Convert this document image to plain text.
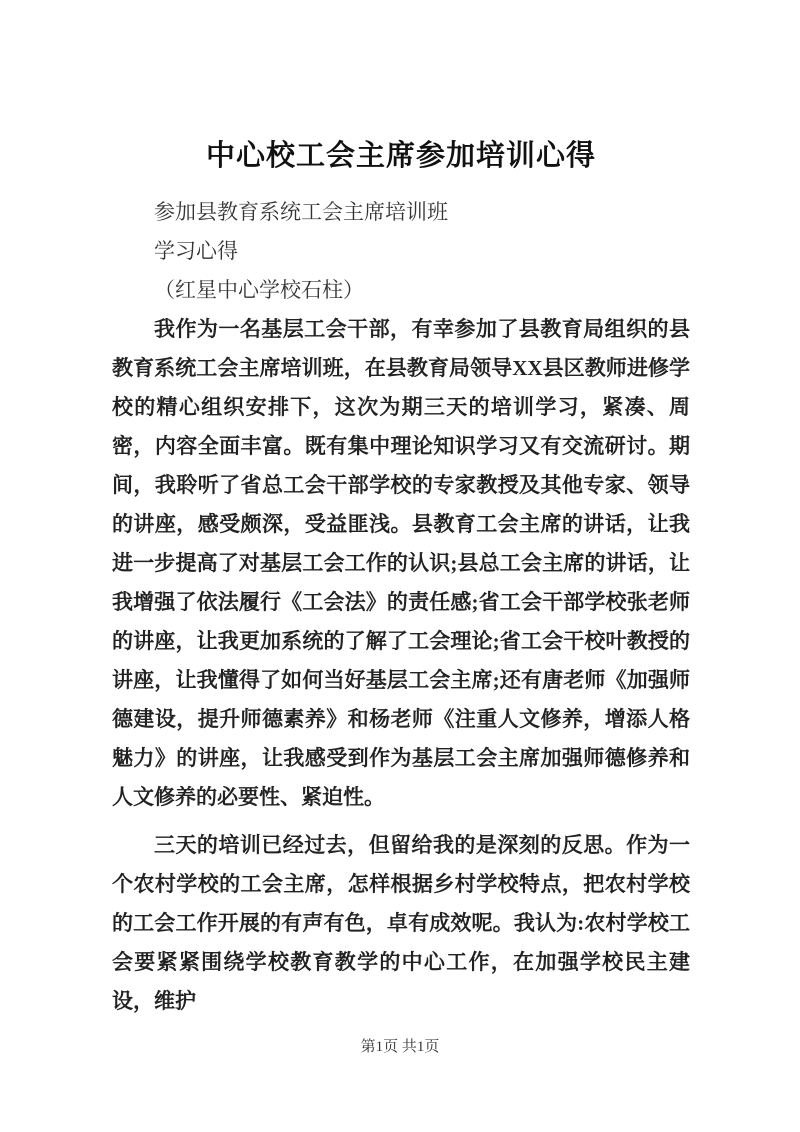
中心校工会主席参加培训心得

参加县教育系统工会主席培训班

学习心得

（红星中心学校石柱）

我作为一名基层工会干部，有幸参加了县教育局组织的县教育系统工会主席培训班，在县教育局领导XX县区教师进修学校的精心组织安排下，这次为期三天的培训学习，紧凑、周密，内容全面丰富。既有集中理论知识学习又有交流研讨。期间，我聆听了省总工会干部学校的专家教授及其他专家、领导的讲座，感受颇深，受益匪浅。县教育工会主席的讲话，让我进一步提高了对基层工会工作的认识;县总工会主席的讲话，让我增强了依法履行《工会法》的责任感;省工会干部学校张老师的讲座，让我更加系统的了解了工会理论;省工会干校叶教授的讲座，让我懂得了如何当好基层工会主席;还有唐老师《加强师德建设，提升师德素养》和杨老师《注重人文修养，增添人格魅力》的讲座，让我感受到作为基层工会主席加强师德修养和人文修养的必要性、紧迫性。

三天的培训已经过去，但留给我的是深刻的反思。作为一个农村学校的工会主席，怎样根据乡村学校特点，把农村学校的工会工作开展的有声有色，卓有成效呢。我认为:农村学校工会要紧紧围绕学校教育教学的中心工作，在加强学校民主建设，维护

第1页 共1页
